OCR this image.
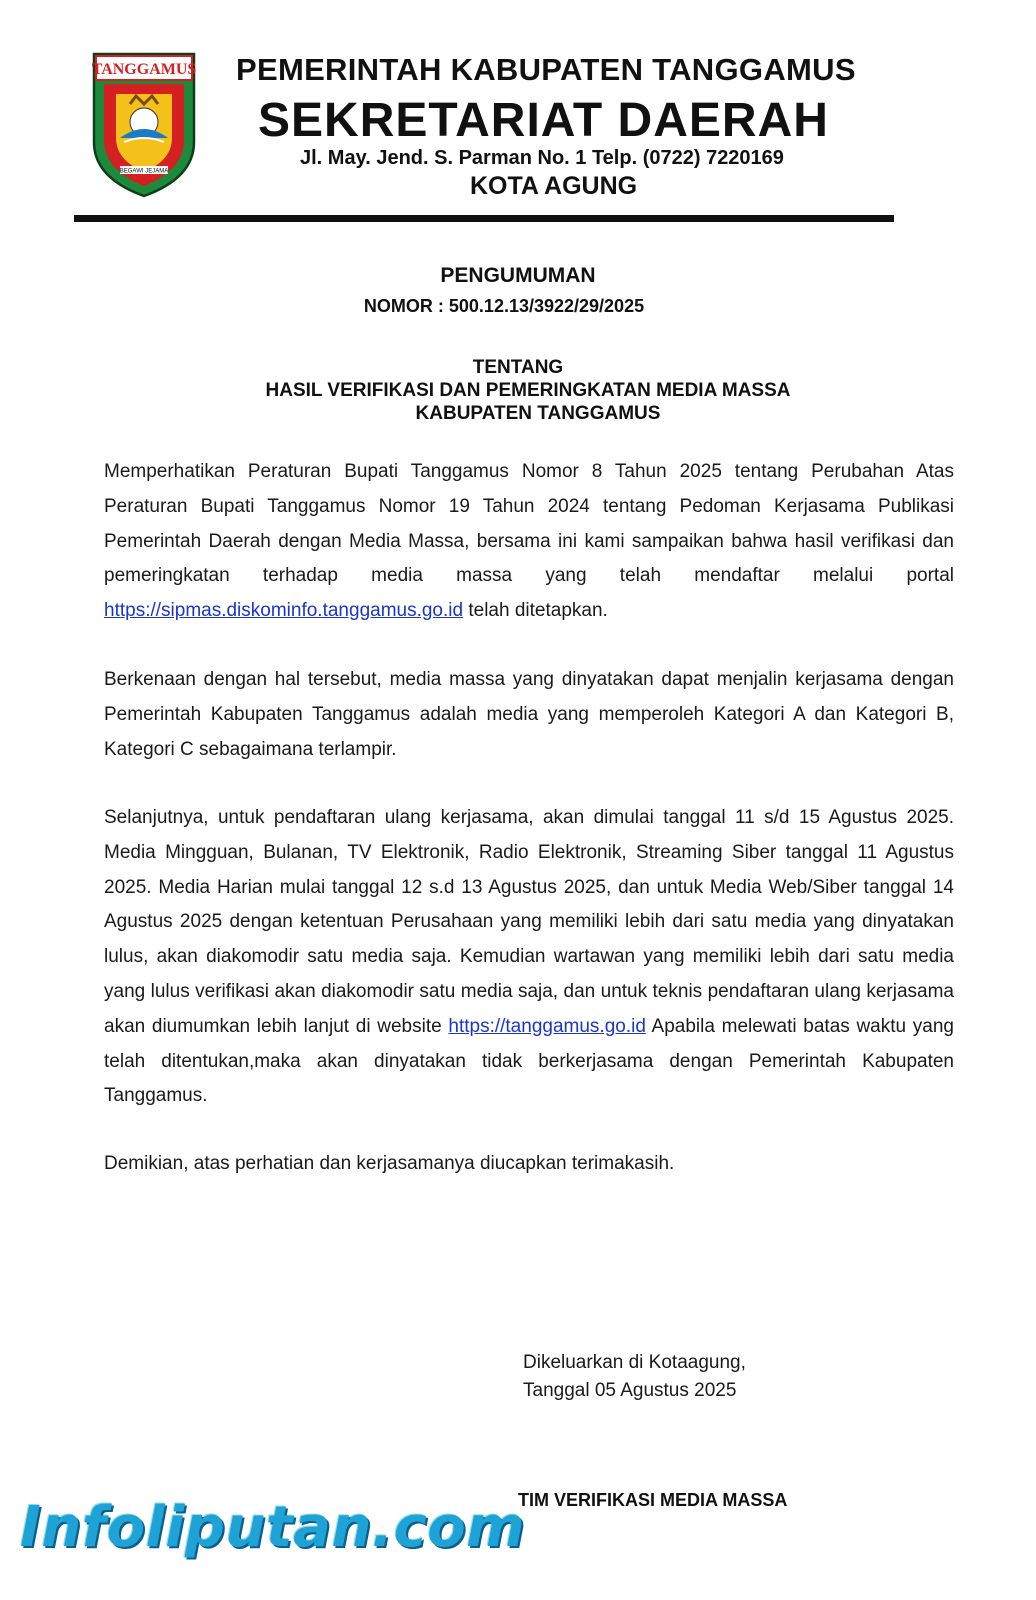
TANGGAMUS
BEGAWI JEJAMA
PEMERINTAH KABUPATEN TANGGAMUS
SEKRETARIAT DAERAH
Jl. May. Jend. S. Parman No. 1 Telp. (0722) 7220169
KOTA AGUNG
PENGUMUMAN
NOMOR : 500.12.13/3922/29/2025
TENTANG
HASIL VERIFIKASI DAN PEMERINGKATAN MEDIA MASSA
KABUPATEN TANGGAMUS

Memperhatikan Peraturan Bupati Tanggamus Nomor 8 Tahun 2025 tentang Perubahan Atas Peraturan Bupati Tanggamus Nomor 19 Tahun 2024 tentang Pedoman Kerjasama Publikasi Pemerintah Daerah dengan Media Massa, bersama ini kami sampaikan bahwa hasil verifikasi dan pemeringkatan terhadap media massa yang telah mendaftar melalui portal https://sipmas.diskominfo.tanggamus.go.id telah ditetapkan.

Berkenaan dengan hal tersebut, media massa yang dinyatakan dapat menjalin kerjasama dengan Pemerintah Kabupaten Tanggamus adalah media yang memperoleh Kategori A dan Kategori B, Kategori C sebagaimana terlampir.

Selanjutnya, untuk pendaftaran ulang kerjasama, akan dimulai tanggal 11 s/d 15 Agustus 2025. Media Mingguan, Bulanan, TV Elektronik, Radio Elektronik, Streaming Siber tanggal 11 Agustus 2025. Media Harian mulai tanggal 12 s.d 13 Agustus 2025, dan untuk Media Web/Siber tanggal 14 Agustus 2025 dengan ketentuan Perusahaan yang memiliki lebih dari satu media yang dinyatakan lulus, akan diakomodir satu media saja. Kemudian wartawan yang memiliki lebih dari satu media yang lulus verifikasi akan diakomodir satu media saja, dan untuk teknis pendaftaran ulang kerjasama akan diumumkan lebih lanjut di website https://tanggamus.go.id Apabila melewati batas waktu yang telah ditentukan,maka akan dinyatakan tidak berkerjasama dengan Pemerintah Kabupaten Tanggamus.

Demikian, atas perhatian dan kerjasamanya diucapkan terimakasih.

Dikeluarkan di Kotaagung,
Tanggal 05 Agustus 2025
TIM VERIFIKASI MEDIA MASSA
Infoliputan.com
